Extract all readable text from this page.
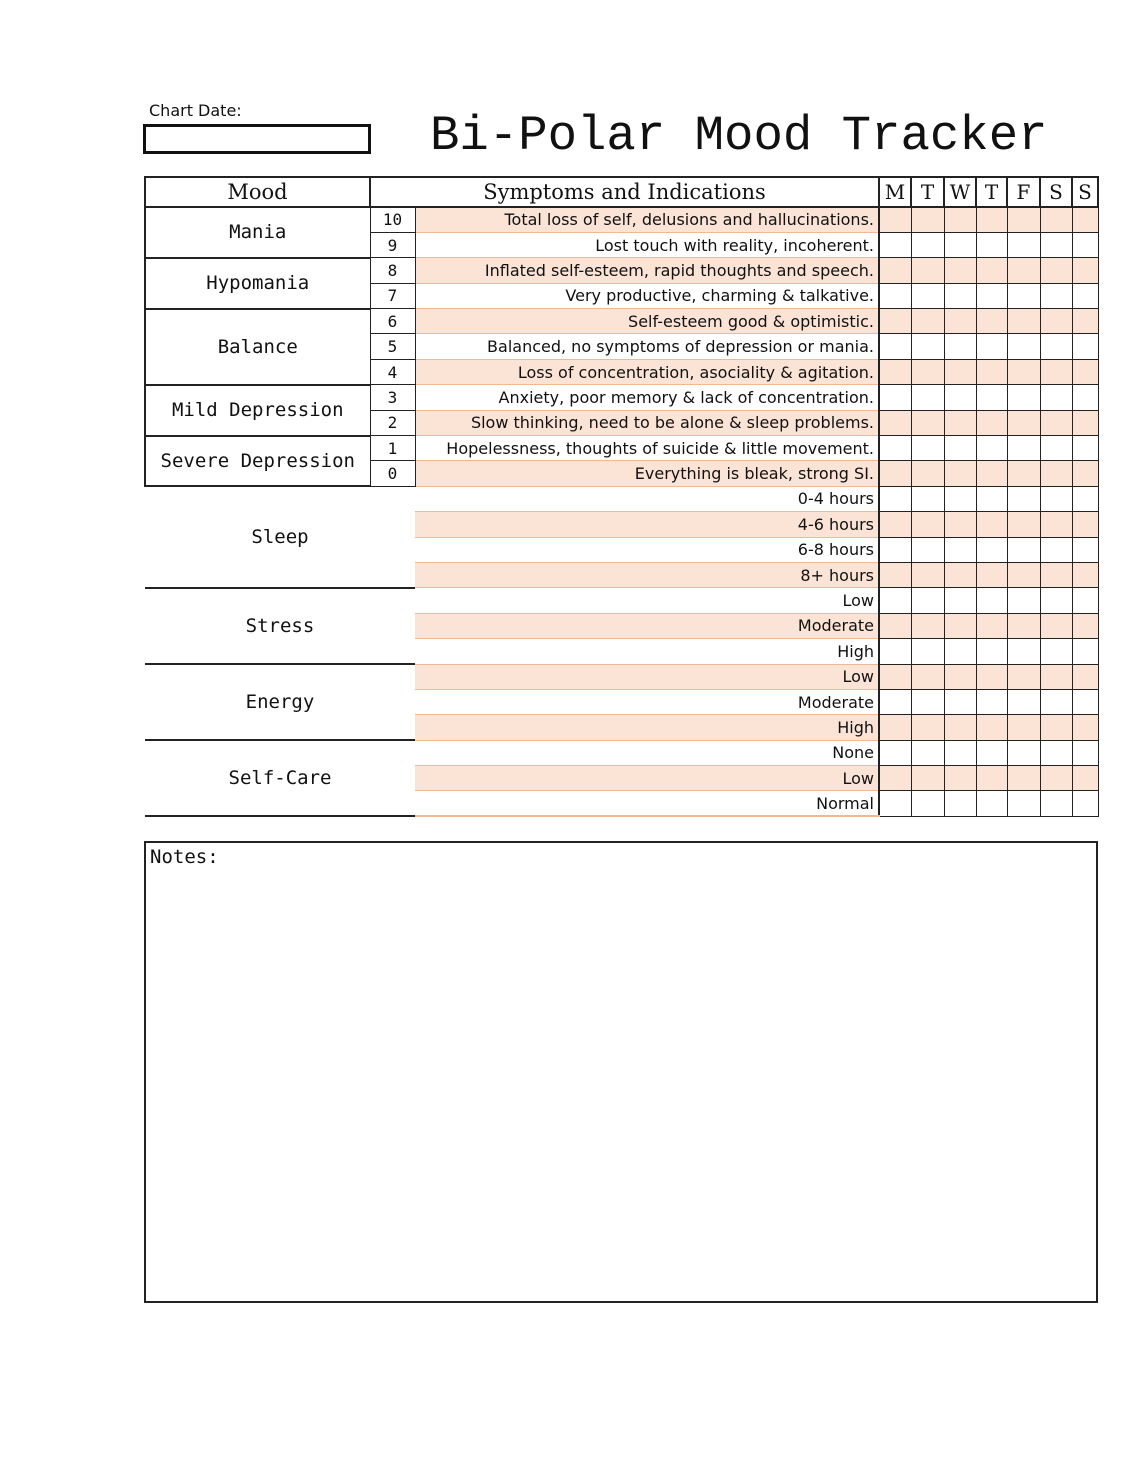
Chart Date:	Bi-Polar Mood Tracker
Mood	Symptoms and Indications		M	T	W	T	F	S	S
Mania	10	Total loss of self, delusions and hallucinations.							
	9	Lost touch with reality, incoherent.							
Hypomania	8	Inflated self-esteem, rapid thoughts and speech.							
	7	Very productive, charming & talkative.							
Balance	6	Self-esteem good & optimistic.							
	5	Balanced, no symptoms of depression or mania.							
	4	Loss of concentration, asociality & agitation.							
Mild Depression	3	Anxiety, poor memory & lack of concentration.							
	2	Slow thinking, need to be alone & sleep problems.							
Severe Depression	1	Hopelessness, thoughts of suicide & little movement.							
	0	Everything is bleak, strong SI.							
Sleep		0-4 hours							
		4-6 hours							
		6-8 hours							
		8+ hours							
Stress		Low							
		Moderate							
		High							
Energy		Low							
		Moderate							
		High							
Self-Care		None							
		Low							
		Normal							
Notes:
